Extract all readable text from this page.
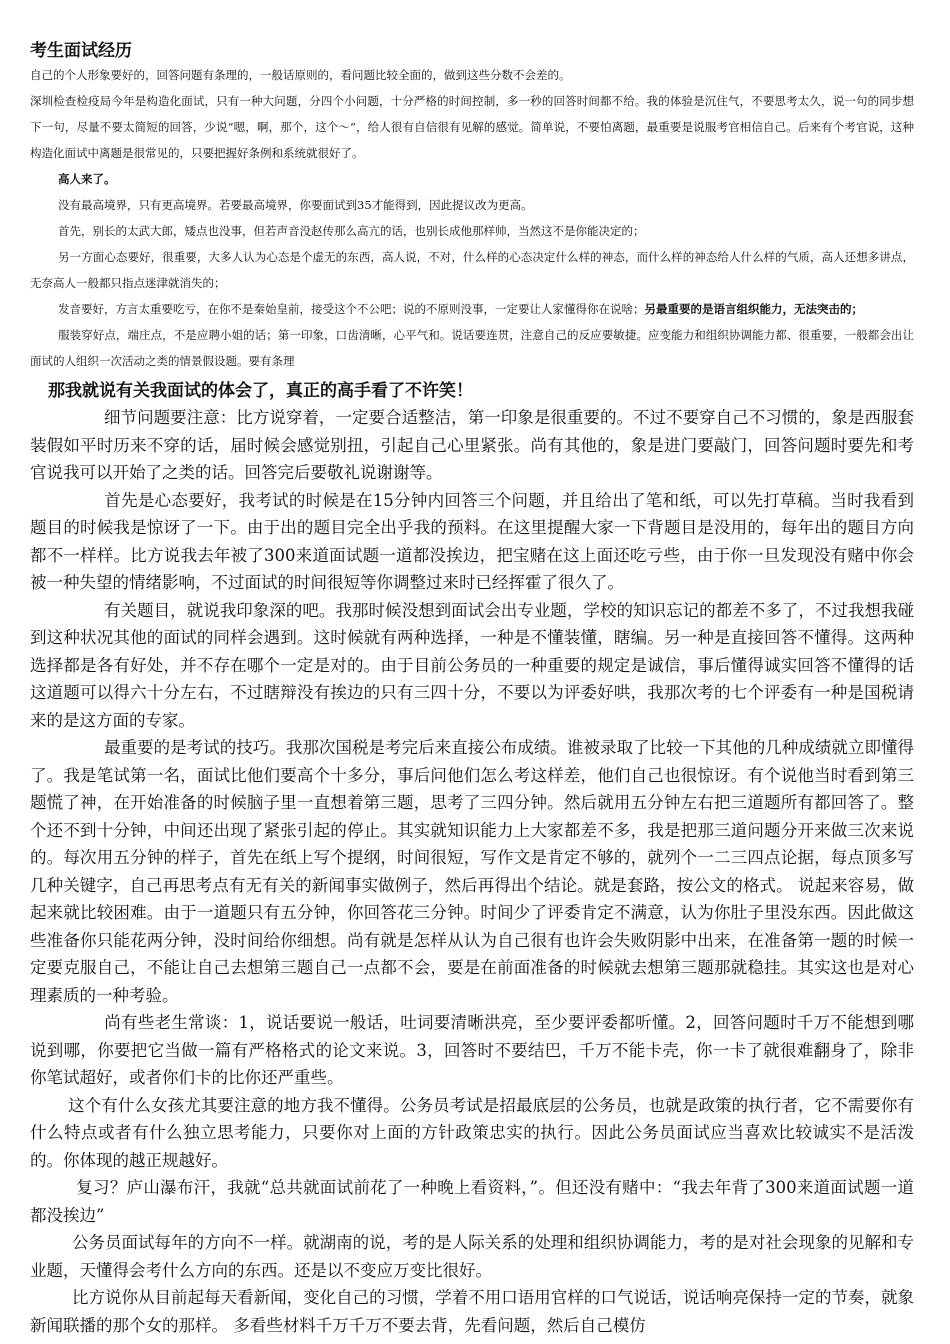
考生面试经历

自己的个人形象要好的，回答问题有条理的，一般话原则的，看问题比较全面的，做到这些分数不会差的。

深圳检查检疫局今年是构造化面试，只有一种大问题，分四个小问题，十分严格的时间控制，多一秒的回答时间都不给。我的体验是沉住气，不要思考太久，说一句的同步想下一句，尽量不要太简短的回答，少说“嗯，啊，那个，这个～”，给人很有自信很有见解的感觉。简单说，不要怕离题，最重要是说服考官相信自己。后来有个考官说，这种构造化面试中离题是很常见的，只要把握好条例和系统就很好了。

高人来了。

没有最高境界，只有更高境界。若要最高境界，你要面试到35才能得到，因此提议改为更高。

首先，别长的太武大郎，矮点也没事，但若声音没赵传那么高亢的话，也别长成他那样帅，当然这不是你能决定的；

另一方面心态要好，很重要，大多人认为心态是个虚无的东西，高人说，不对，什么样的心态决定什么样的神态，而什么样的神态给人什么样的气质，高人还想多讲点，无奈高人一般都只指点迷津就消失的；

发音要好，方言太重要吃亏，在你不是秦始皇前，接受这个不公吧；说的不原则没事，一定要让人家懂得你在说啥；另最重要的是语言组织能力，无法突击的；

服装穿好点，端庄点，不是应聘小姐的话；第一印象，口齿清晰，心平气和。说话要连贯，注意自己的反应要敏捷。应变能力和组织协调能力都、很重要，一般都会出让面试的人组织一次活动之类的情景假设题。要有条理

那我就说有关我面试的体会了，真正的高手看了不许笑！

细节问题要注意：比方说穿着，一定要合适整洁，第一印象是很重要的。不过不要穿自己不习惯的，象是西服套装假如平时历来不穿的话，届时候会感觉别扭，引起自己心里紧张。尚有其他的，象是进门要敲门，回答问题时要先和考官说我可以开始了之类的话。回答完后要敬礼说谢谢等。

首先是心态要好，我考试的时候是在15分钟内回答三个问题，并且给出了笔和纸，可以先打草稿。当时我看到题目的时候我是惊讶了一下。由于出的题目完全出乎我的预料。在这里提醒大家一下背题目是没用的，每年出的题目方向都不一样样。比方说我去年被了300来道面试题一道都没挨边，把宝赌在这上面还吃亏些，由于你一旦发现没有赌中你会被一种失望的情绪影响，不过面试的时间很短等你调整过来时已经挥霍了很久了。

有关题目，就说我印象深的吧。我那时候没想到面试会出专业题，学校的知识忘记的都差不多了，不过我想我碰到这种状况其他的面试的同样会遇到。这时候就有两种选择，一种是不懂装懂，瞎编。另一种是直接回答不懂得。这两种选择都是各有好处，并不存在哪个一定是对的。由于目前公务员的一种重要的规定是诚信，事后懂得诚实回答不懂得的话这道题可以得六十分左右，不过瞎辩没有挨边的只有三四十分，不要以为评委好哄，我那次考的七个评委有一种是国税请来的是这方面的专家。

最重要的是考试的技巧。我那次国税是考完后来直接公布成绩。谁被录取了比较一下其他的几种成绩就立即懂得了。我是笔试第一名，面试比他们要高个十多分，事后问他们怎么考这样差，他们自己也很惊讶。有个说他当时看到第三题慌了神，在开始准备的时候脑子里一直想着第三题，思考了三四分钟。然后就用五分钟左右把三道题所有都回答了。整个还不到十分钟，中间还出现了紧张引起的停止。其实就知识能力上大家都差不多，我是把那三道问题分开来做三次来说的。每次用五分钟的样子，首先在纸上写个提纲，时间很短，写作文是肯定不够的，就列个一二三四点论据，每点顶多写几种关键字，自己再思考点有无有关的新闻事实做例子，然后再得出个结论。就是套路，按公文的格式。 说起来容易，做起来就比较困难。由于一道题只有五分钟，你回答花三分钟。时间少了评委肯定不满意，认为你肚子里没东西。因此做这些准备你只能花两分钟，没时间给你细想。尚有就是怎样从认为自己很有也许会失败阴影中出来，在准备第一题的时候一定要克服自己，不能让自己去想第三题自己一点都不会，要是在前面准备的时候就去想第三题那就稳挂。其实这也是对心理素质的一种考验。

尚有些老生常谈：1，说话要说一般话，吐词要清晰洪亮，至少要评委都听懂。2，回答问题时千万不能想到哪说到哪，你要把它当做一篇有严格格式的论文来说。3，回答时不要结巴，千万不能卡壳，你一卡了就很难翻身了，除非你笔试超好，或者你们卡的比你还严重些。

这个有什么女孩尤其要注意的地方我不懂得。公务员考试是招最底层的公务员，也就是政策的执行者，它不需要你有什么特点或者有什么独立思考能力，只要你对上面的方针政策忠实的执行。因此公务员面试应当喜欢比较诚实不是活泼的。你体现的越正规越好。

复习？庐山瀑布汗，我就“总共就面试前花了一种晚上看资料，”。但还没有赌中：“我去年背了300来道面试题一道都没挨边”

公务员面试每年的方向不一样。就湖南的说，考的是人际关系的处理和组织协调能力，考的是对社会现象的见解和专业题，天懂得会考什么方向的东西。还是以不变应万变比很好。

比方说你从目前起每天看新闻，变化自己的习惯，学着不用口语用官样的口气说话，说话响亮保持一定的节奏，就象新闻联播的那个女的那样。 多看些材料千万千万不要去背，先看问题，然后自己模仿
